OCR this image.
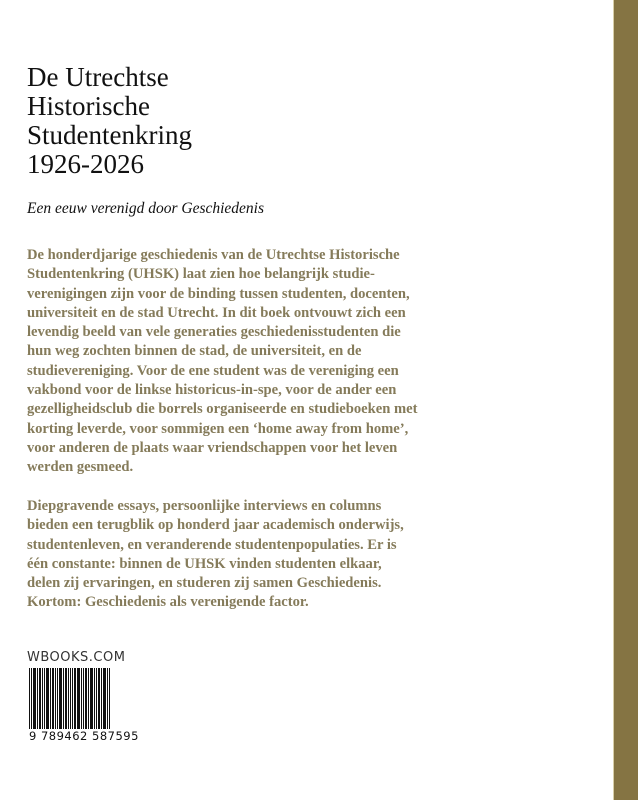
De Utrechtse
Historische
Studentenkring
1926-2026

Een eeuw verenigd door Geschiedenis

De honderdjarige geschiedenis van de Utrechtse Historische
Studentenkring (UHSK) laat zien hoe belangrijk studie-
verenigingen zijn voor de binding tussen studenten, docenten,
universiteit en de stad Utrecht. In dit boek ontvouwt zich een
levendig beeld van vele generaties geschiedenisstudenten die
hun weg zochten binnen de stad, de universiteit, en de
studievereniging. Voor de ene student was de vereniging een
vakbond voor de linkse historicus-in-spe, voor de ander een
gezelligheidsclub die borrels organiseerde en studieboeken met
korting leverde, voor sommigen een ‘home away from home’,
voor anderen de plaats waar vriendschappen voor het leven
werden gesmeed.
Diepgravende essays, persoonlijke interviews en columns
bieden een terugblik op honderd jaar academisch onderwijs,
studentenleven, en veranderende studentenpopulaties. Er is
één constante: binnen de UHSK vinden studenten elkaar,
delen zij ervaringen, en studeren zij samen Geschiedenis.
Kortom: Geschiedenis als verenigende factor.
WBOOKS.COM
9 789462 587595
